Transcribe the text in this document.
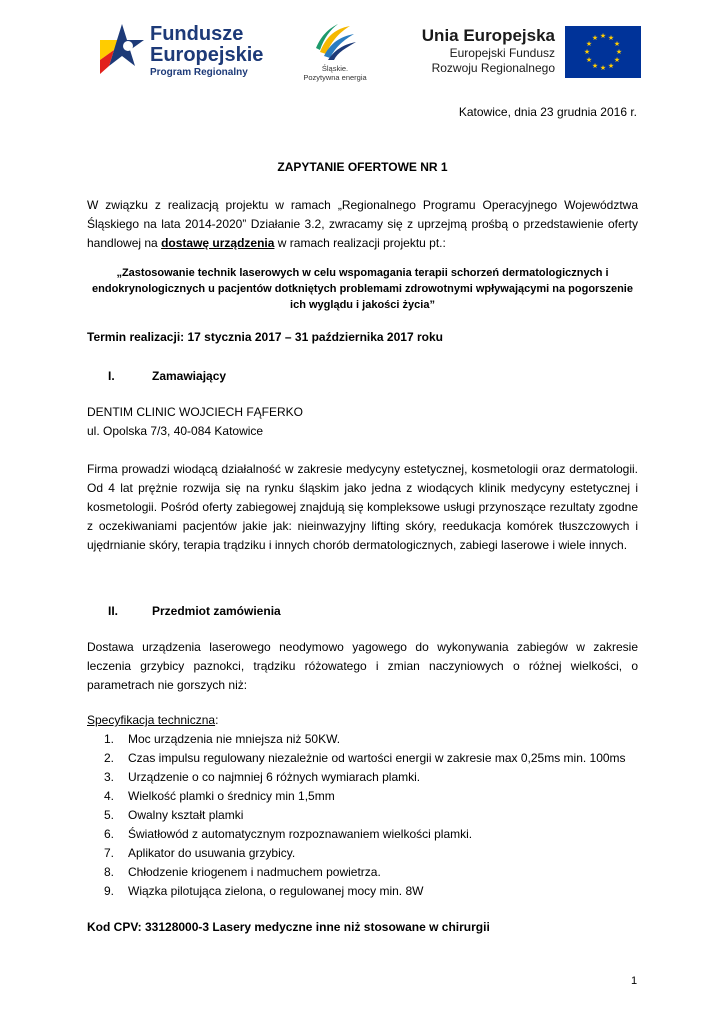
Fundusze
Europejskie
Program Regionalny	Śląskie.
Pozytywna energia
Unia Europejska
Europejski Fundusz
Rozwoju Regionalnego
★ ★
★
★
★
★
★
★
★
★
★
★
Katowice, dnia 23 grudnia 2016 r.
ZAPYTANIE OFERTOWE NR 1
W związku z realizacją projektu w ramach „Regionalnego Programu Operacyjnego Województwa Śląskiego na lata 2014-2020” Działanie 3.2, zwracamy się z uprzejmą prośbą o przedstawienie oferty handlowej na dostawę urządzenia w ramach realizacji projektu pt.:
„Zastosowanie technik laserowych w celu wspomagania terapii schorzeń dermatologicznych i endokrynologicznych u pacjentów dotkniętych problemami zdrowotnymi wpływającymi na pogorszenie ich wyglądu i jakości życia”
Termin realizacji: 17 stycznia 2017 – 31 października 2017 roku
I.	Zamawiający
DENTIM CLINIC WOJCIECH FĄFERKO
ul. Opolska 7/3, 40-084 Katowice
Firma prowadzi wiodącą działalność w zakresie medycyny estetycznej, kosmetologii oraz dermatologii. Od 4 lat prężnie rozwija się na rynku śląskim jako jedna z wiodących klinik medycyny estetycznej i kosmetologii. Pośród oferty zabiegowej znajdują się kompleksowe usługi przynoszące rezultaty zgodne z oczekiwaniami pacjentów jakie jak: nieinwazyjny lifting skóry, reedukacja komórek tłuszczowych i ujędrnianie skóry, terapia trądziku i innych chorób dermatologicznych, zabiegi laserowe i wiele innych.
II.	Przedmiot zamówienia
Dostawa urządzenia laserowego neodymowo yagowego do wykonywania zabiegów w zakresie leczenia grzybicy paznokci, trądziku różowatego i zmian naczyniowych o różnej wielkości, o parametrach nie gorszych niż:
Specyfikacja techniczna:
1. Moc urządzenia nie mniejsza niż 50KW.
2. Czas impulsu regulowany niezależnie od wartości energii w zakresie max 0,25ms min. 100ms
3. Urządzenie o co najmniej 6 różnych wymiarach plamki.
4. Wielkość plamki o średnicy min 1,5mm
5. Owalny kształt plamki
6. Światłowód z automatycznym rozpoznawaniem wielkości plamki.
7. Aplikator do usuwania grzybicy.
8. Chłodzenie kriogenem i nadmuchem powietrza.
9. Wiązka pilotująca zielona, o regulowanej mocy min. 8W
Kod CPV: 33128000-3 Lasery medyczne inne niż stosowane w chirurgii
1
